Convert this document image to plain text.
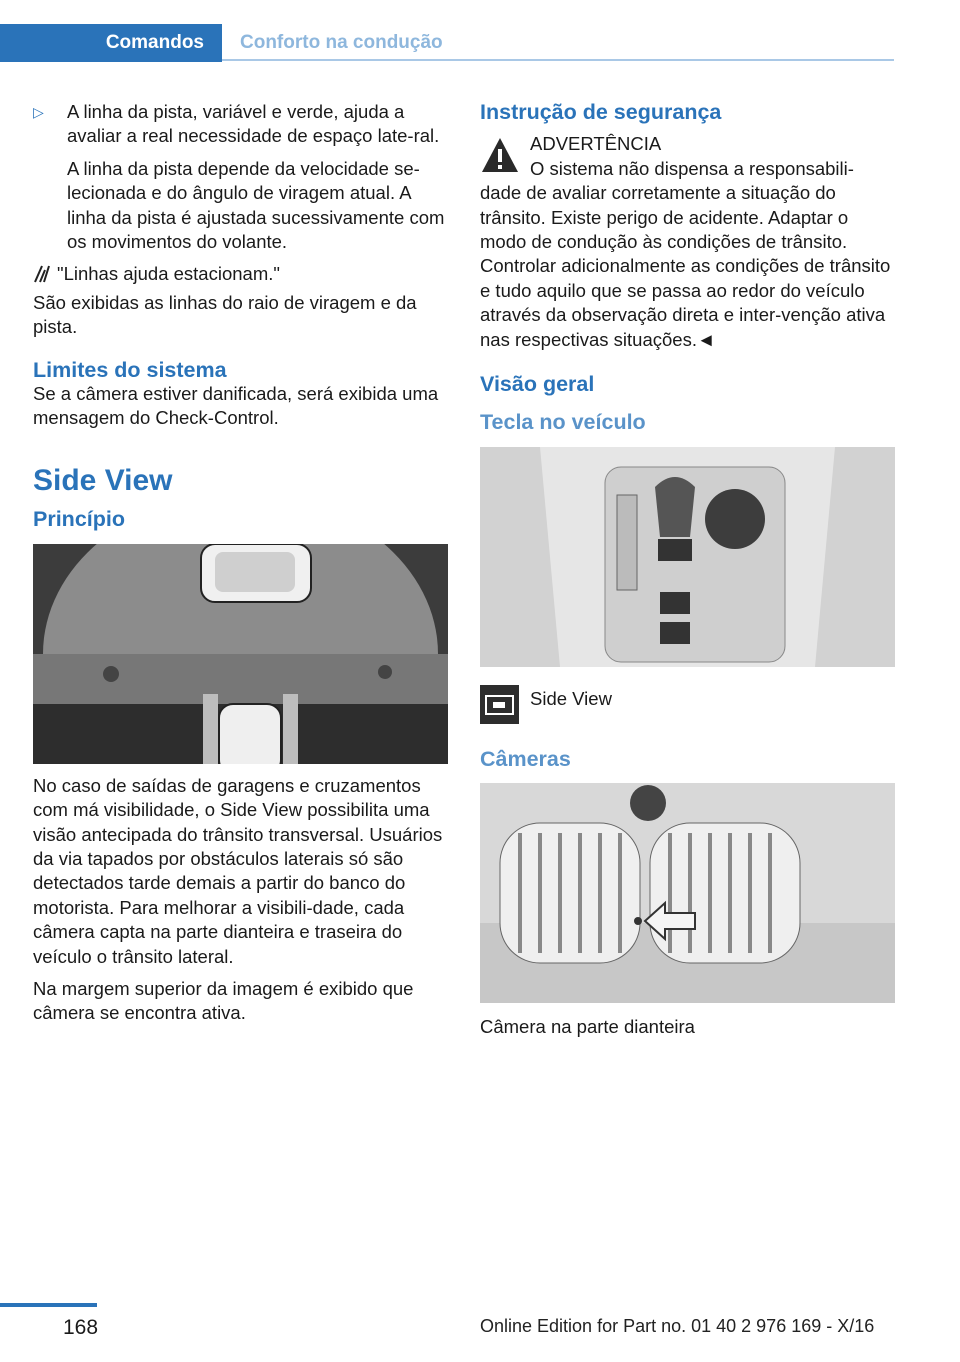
Comandos	Conforto na condução
▷ A linha da pista, variável e verde, ajuda a avaliar a real necessidade de espaço late-ral.

A linha da pista depende da velocidade se-lecionada e do ângulo de viragem atual. A linha da pista é ajustada sucessivamente com os movimentos do volante.

"Linhas ajuda estacionam."

São exibidas as linhas do raio de viragem e da pista.

Limites do sistema

Se a câmera estiver danificada, será exibida uma mensagem do Check-Control.

Side View

Princípio

No caso de saídas de garagens e cruzamentos com má visibilidade, o Side View possibilita uma visão antecipada do trânsito transversal. Usuários da via tapados por obstáculos laterais só são detectados tarde demais a partir do banco do motorista. Para melhorar a visibili-dade, cada câmera capta na parte dianteira e traseira do veículo o trânsito lateral.

Na margem superior da imagem é exibido que câmera se encontra ativa.

Instrução de segurança

ADVERTÊNCIA

O sistema não dispensa a responsabili-

dade de avaliar corretamente a situação do trânsito. Existe perigo de acidente. Adaptar o modo de condução às condições de trânsito. Controlar adicionalmente as condições de trânsito e tudo aquilo que se passa ao redor do veículo através da observação direta e inter-venção ativa nas respectivas situações.◄

Visão geral

Tecla no veículo

Side View

Câmeras

Câmera na parte dianteira

168	Online Edition for Part no. 01 40 2 976 169 - X/16
